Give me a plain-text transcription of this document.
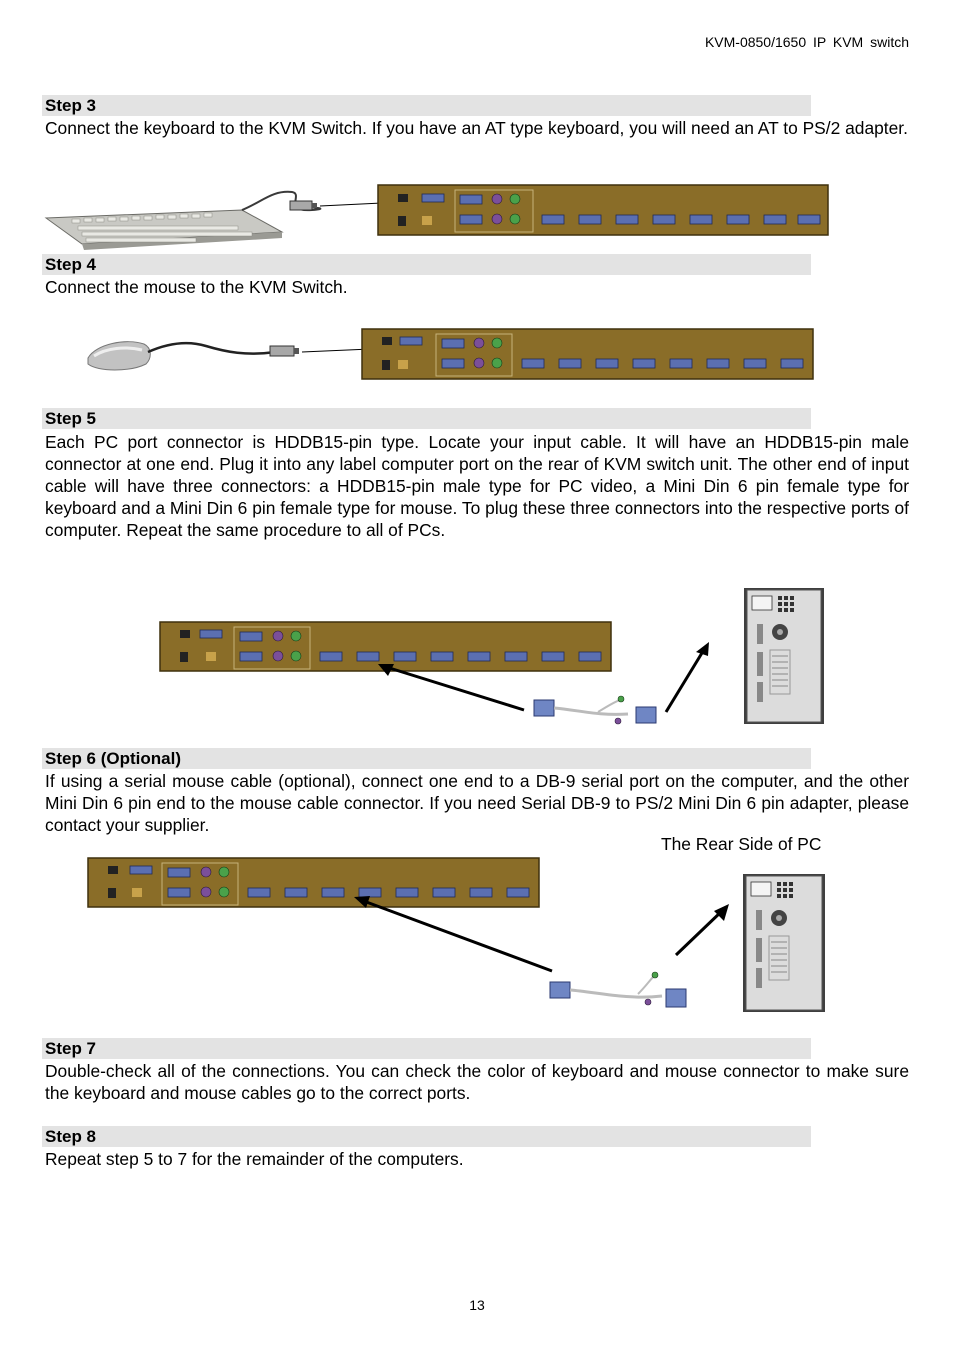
KVM-0850/1650 IP KVM switch
Step 3
Connect the keyboard to the KVM Switch. If you have an AT type keyboard, you will need an AT to PS/2 adapter.
Step 4
Connect the mouse to the KVM Switch.
Step 5
Each PC port connector is HDDB15-pin type. Locate your input cable. It will have an HDDB15-pin male connector at one end. Plug it into any label computer port on the rear of KVM switch unit. The other end of input cable will have three connectors: a HDDB15-pin male type for PC video, a Mini Din 6 pin female type for keyboard and a Mini Din 6 pin female type for mouse. To plug these three connectors into the respective ports of computer. Repeat the same procedure to all of PCs.
Step 6 (Optional)
If using a serial mouse cable (optional), connect one end to a DB-9 serial port on the computer, and the other Mini Din 6 pin end to the mouse cable connector. If you need Serial DB-9 to PS/2 Mini Din 6 pin adapter, please contact your supplier.
The Rear Side of PC
Step 7
Double-check all of the connections. You can check the color of keyboard and mouse connector to make sure the keyboard and mouse cables go to the correct ports.
Step 8
Repeat step 5 to 7 for the remainder of the computers.
13
